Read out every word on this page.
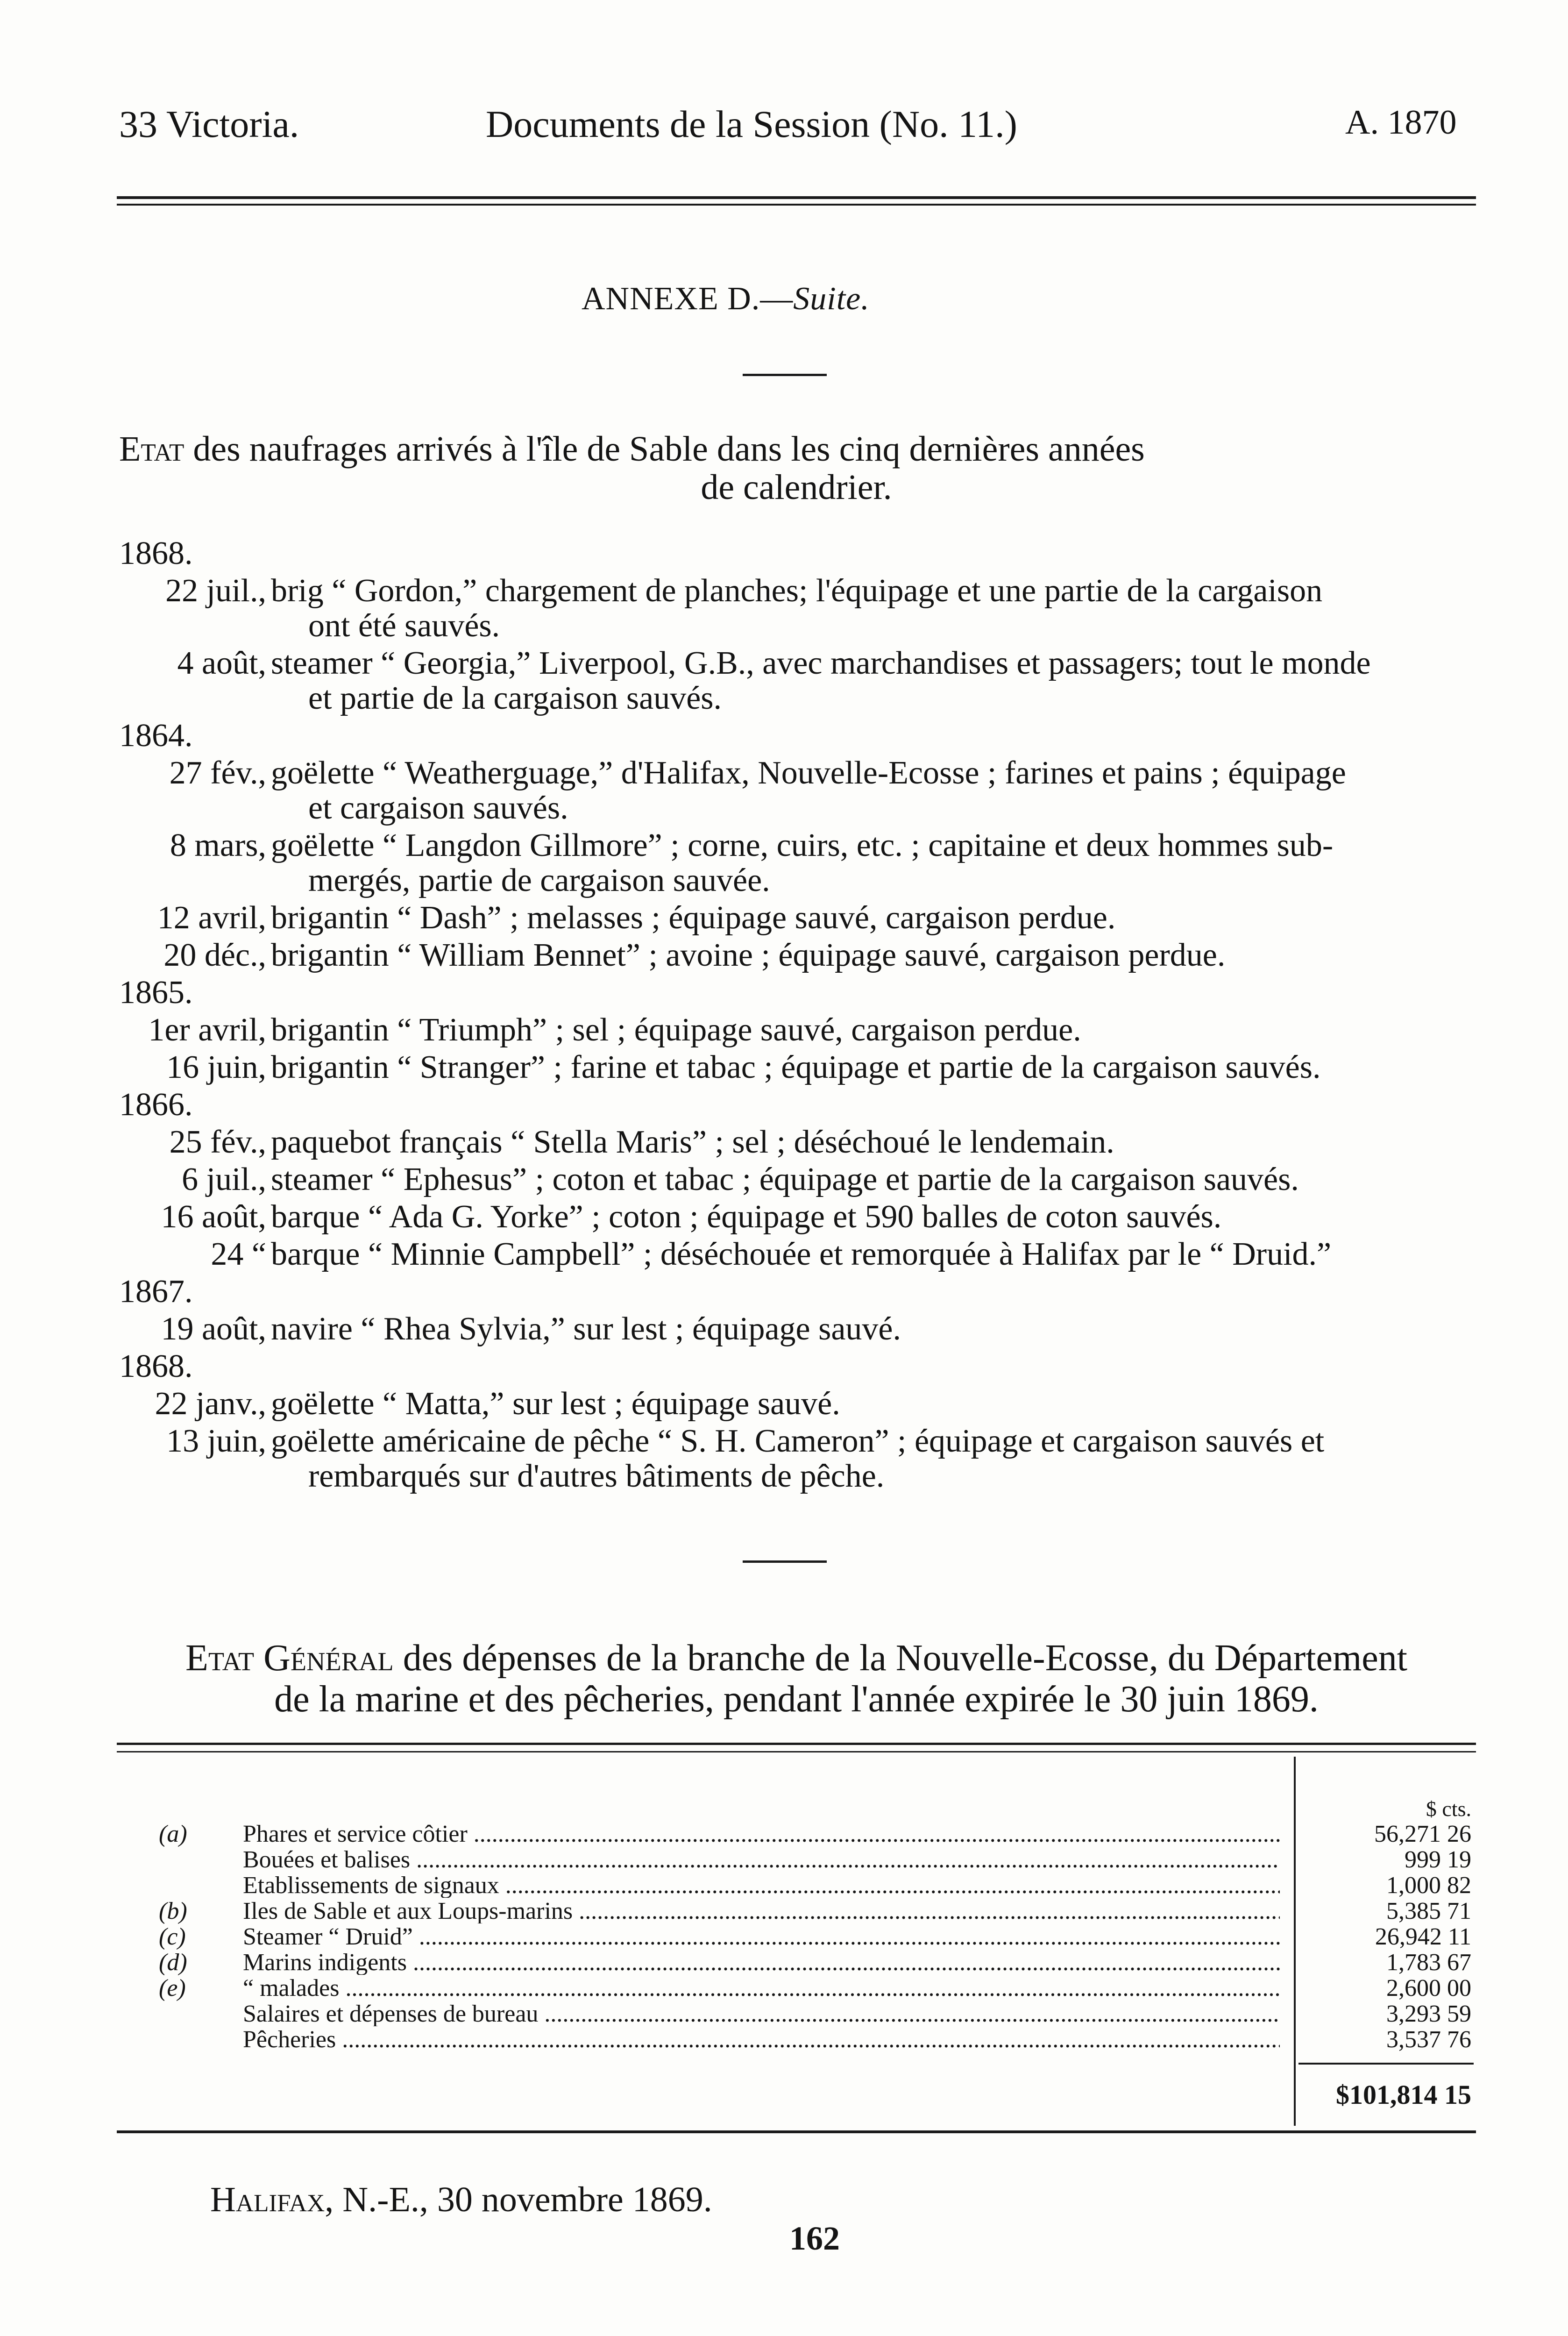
33 Victoria.	Documents de la Session (No. 11.)	A. 1870
ANNEXE D.—Suite.
Etat des naufrages arrivés à l'île de Sable dans les cinq dernières années
de calendrier.
1868.
22 juil., brig “ Gordon,” chargement de planches; l'équipage et une partie de la cargaison
ont été sauvés.
4 août, steamer “ Georgia,” Liverpool, G.B., avec marchandises et passagers; tout le monde
et partie de la cargaison sauvés.
1864.
27 fév., goëlette “ Weatherguage,” d'Halifax, Nouvelle-Ecosse ; farines et pains ; équipage
et cargaison sauvés.
8 mars, goëlette “ Langdon Gillmore” ; corne, cuirs, etc. ; capitaine et deux hommes sub-
mergés, partie de cargaison sauvée.
12 avril, brigantin “ Dash” ; melasses ; équipage sauvé, cargaison perdue.
20 déc., brigantin “ William Bennet” ; avoine ; équipage sauvé, cargaison perdue.
1865.
1er avril, brigantin “ Triumph” ; sel ; équipage sauvé, cargaison perdue.
16 juin, brigantin “ Stranger” ; farine et tabac ; équipage et partie de la cargaison sauvés.
1866.
25 fév., paquebot français “ Stella Maris” ; sel ; déséchoué le lendemain.
6 juil., steamer “ Ephesus” ; coton et tabac ; équipage et partie de la cargaison sauvés.
16 août, barque “ Ada G. Yorke” ; coton ; équipage et 590 balles de coton sauvés.
24 “ barque “ Minnie Campbell” ; déséchouée et remorquée à Halifax par le “ Druid.”
1867.
19 août, navire “ Rhea Sylvia,” sur lest ; équipage sauvé.
1868.
22 janv., goëlette “ Matta,” sur lest ; équipage sauvé.
13 juin, goëlette américaine de pêche “ S. H. Cameron” ; équipage et cargaison sauvés et
rembarqués sur d'autres bâtiments de pêche.
Etat Général des dépenses de la branche de la Nouvelle-Ecosse, du Département
de la marine et des pêcheries, pendant l'année expirée le 30 juin 1869.
$ cts.
(a) Phares et service côtier .....	56,271 26
Bouées et balises .....	999 19
Etablissements de signaux .....	1,000 82
(b) Iles de Sable et aux Loups-marins .....	5,385 71
(c) Steamer “ Druid” .....	26,942 11
(d) Marins indigents .....	1,783 67
(e) “ malades .....	2,600 00
Salaires et dépenses de bureau .....	3,293 59
Pêcheries .....	3,537 76
$101,814 15
Halifax, N.-E., 30 novembre 1869.
162
